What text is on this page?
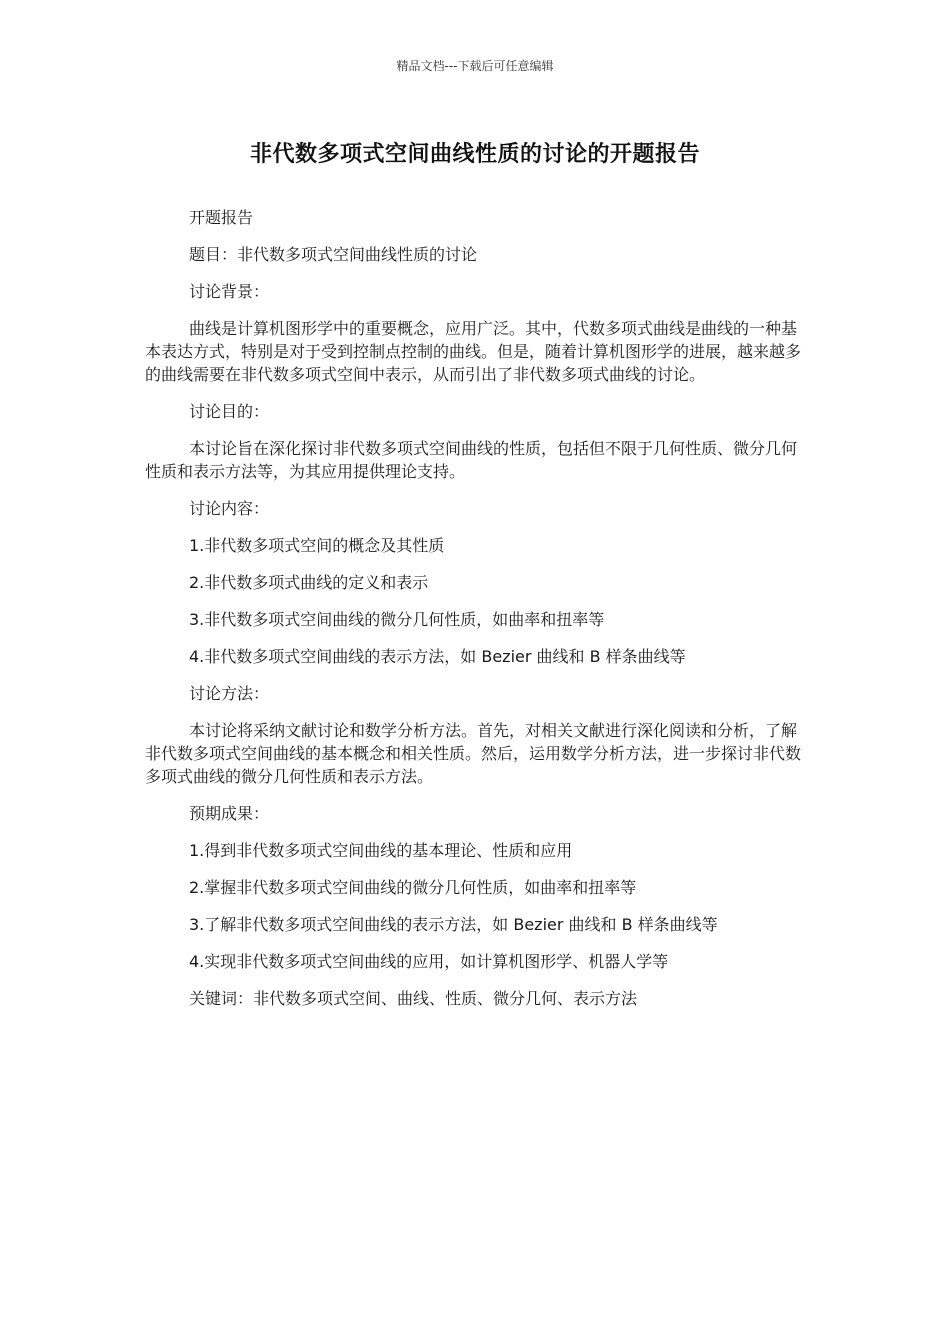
精品文档---下载后可任意编辑
非代数多项式空间曲线性质的讨论的开题报告

开题报告

题目：非代数多项式空间曲线性质的讨论

讨论背景：

曲线是计算机图形学中的重要概念，应用广泛。其中，代数多项式曲线是曲线的一种基本表达方式，特别是对于受到控制点控制的曲线。但是，随着计算机图形学的进展，越来越多的曲线需要在非代数多项式空间中表示，从而引出了非代数多项式曲线的讨论。

讨论目的：

本讨论旨在深化探讨非代数多项式空间曲线的性质，包括但不限于几何性质、微分几何性质和表示方法等，为其应用提供理论支持。

讨论内容：

1.非代数多项式空间的概念及其性质

2.非代数多项式曲线的定义和表示

3.非代数多项式空间曲线的微分几何性质，如曲率和扭率等

4.非代数多项式空间曲线的表示方法，如 Bezier 曲线和 B 样条曲线等

讨论方法：

本讨论将采纳文献讨论和数学分析方法。首先，对相关文献进行深化阅读和分析，了解非代数多项式空间曲线的基本概念和相关性质。然后，运用数学分析方法，进一步探讨非代数多项式曲线的微分几何性质和表示方法。

预期成果：

1.得到非代数多项式空间曲线的基本理论、性质和应用

2.掌握非代数多项式空间曲线的微分几何性质，如曲率和扭率等

3.了解非代数多项式空间曲线的表示方法，如 Bezier 曲线和 B 样条曲线等

4.实现非代数多项式空间曲线的应用，如计算机图形学、机器人学等

关键词：非代数多项式空间、曲线、性质、微分几何、表示方法
